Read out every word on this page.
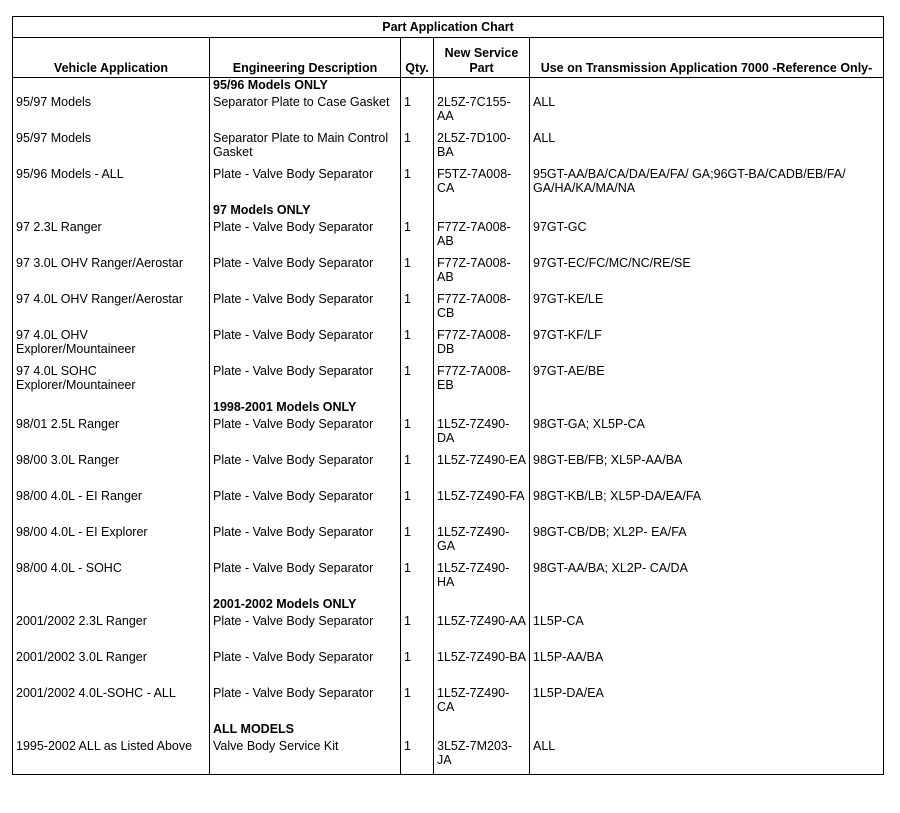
Part Application Chart				
Vehicle Application	Engineering Description	Qty.	New Service Part	Use on Transmission Application 7000 -Reference Only-
	95/96 Models ONLY			
95/97 Models	Separator Plate to Case Gasket	1	2L5Z-7C155-AA	ALL
95/97 Models	Separator Plate to Main Control Gasket	1	2L5Z-7D100-BA	ALL
95/96 Models - ALL	Plate - Valve Body Separator	1	F5TZ-7A008-CA	95GT-AA/BA/CA/DA/EA/FA/ GA;96GT-BA/CADB/EB/FA/ GA/HA/KA/MA/NA
	97 Models ONLY			
97 2.3L Ranger	Plate - Valve Body Separator	1	F77Z-7A008-AB	97GT-GC
97 3.0L OHV Ranger/Aerostar	Plate - Valve Body Separator	1	F77Z-7A008-AB	97GT-EC/FC/MC/NC/RE/SE
97 4.0L OHV Ranger/Aerostar	Plate - Valve Body Separator	1	F77Z-7A008-CB	97GT-KE/LE
97 4.0L OHV Explorer/Mountaineer	Plate - Valve Body Separator	1	F77Z-7A008-DB	97GT-KF/LF
97 4.0L SOHC Explorer/Mountaineer	Plate - Valve Body Separator	1	F77Z-7A008-EB	97GT-AE/BE
	1998-2001 Models ONLY			
98/01 2.5L Ranger	Plate - Valve Body Separator	1	1L5Z-7Z490-DA	98GT-GA; XL5P-CA
98/00 3.0L Ranger	Plate - Valve Body Separator	1	1L5Z-7Z490-EA	98GT-EB/FB; XL5P-AA/BA
98/00 4.0L - EI Ranger	Plate - Valve Body Separator	1	1L5Z-7Z490-FA	98GT-KB/LB; XL5P-DA/EA/FA
98/00 4.0L - EI Explorer	Plate - Valve Body Separator	1	1L5Z-7Z490-GA	98GT-CB/DB; XL2P- EA/FA
98/00 4.0L - SOHC	Plate - Valve Body Separator	1	1L5Z-7Z490-HA	98GT-AA/BA; XL2P- CA/DA
	2001-2002 Models ONLY			
2001/2002 2.3L Ranger	Plate - Valve Body Separator	1	1L5Z-7Z490-AA	1L5P-CA
2001/2002 3.0L Ranger	Plate - Valve Body Separator	1	1L5Z-7Z490-BA	1L5P-AA/BA
2001/2002 4.0L-SOHC - ALL	Plate - Valve Body Separator	1	1L5Z-7Z490-CA	1L5P-DA/EA
	ALL MODELS			
1995-2002 ALL as Listed Above	Valve Body Service Kit	1	3L5Z-7M203-JA	ALL
